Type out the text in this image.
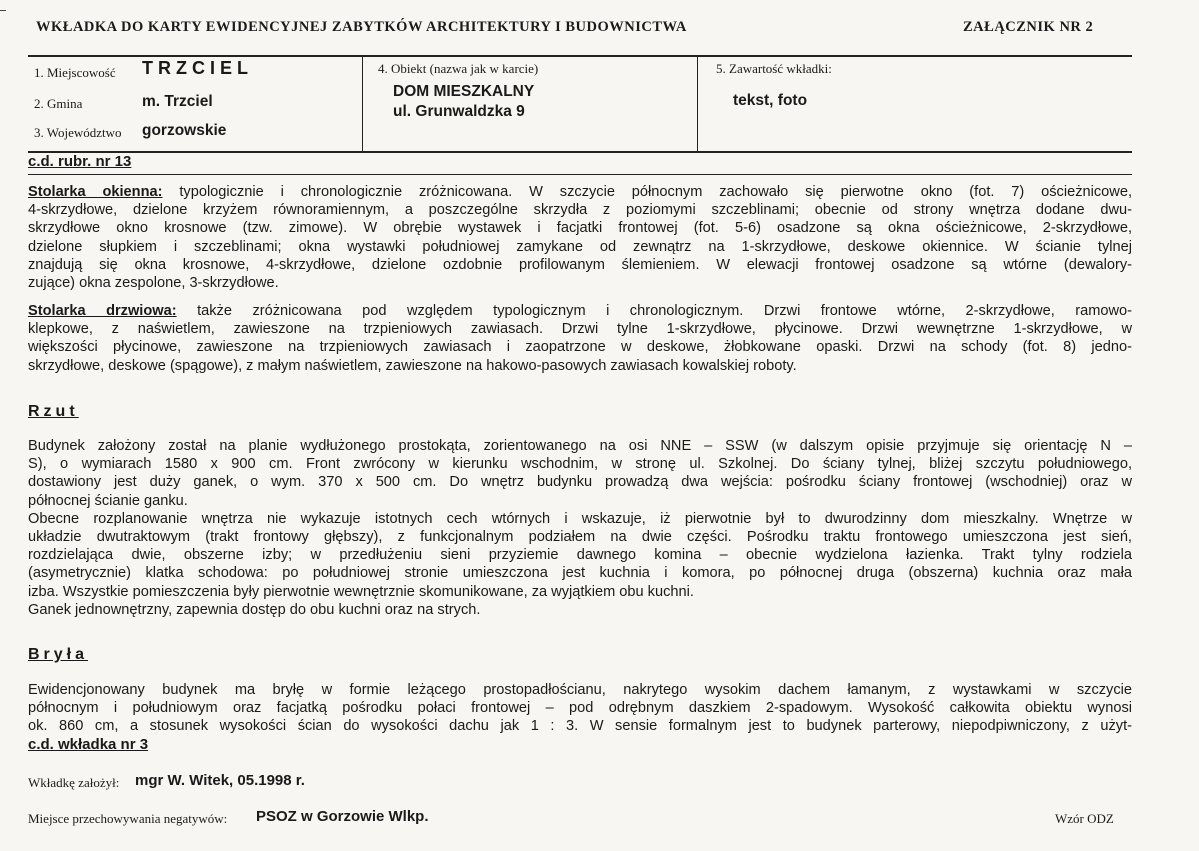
WKŁADKA DO KARTY EWIDENCYJNEJ ZABYTKÓW ARCHITEKTURY I BUDOWNICTWA	ZAŁĄCZNIK NR 2
1. Miejscowość TRZCIEL
2. Gmina	m. Trzciel
3. Województwo gorzowskie
4. Obiekt (nazwa jak w karcie)
DOM MIESZKALNY
ul. Grunwaldzka 9
5. Zawartość wkładki:
tekst, foto
c.d. rubr. nr 13
Stolarka okienna: typologicznie i chronologicznie zróżnicowana. W szczycie północnym zachowało się pierwotne okno (fot. 7) ościeżnicowe,
4-skrzydłowe, dzielone krzyżem równoramiennym, a poszczególne skrzydła z poziomymi szczeblinami; obecnie od strony wnętrza dodane dwu-
skrzydłowe okno krosnowe (tzw. zimowe). W obrębie wystawek i facjatki frontowej (fot. 5-6) osadzone są okna ościeżnicowe, 2-skrzydłowe,
dzielone słupkiem i szczeblinami; okna wystawki południowej zamykane od zewnątrz na 1-skrzydłowe, deskowe okiennice. W ścianie tylnej
znajdują się okna krosnowe, 4-skrzydłowe, dzielone ozdobnie profilowanym ślemieniem. W elewacji frontowej osadzone są wtórne (dewalory-
zujące) okna zespolone, 3-skrzydłowe.
Stolarka drzwiowa: także zróżnicowana pod względem typologicznym i chronologicznym. Drzwi frontowe wtórne, 2-skrzydłowe, ramowo-
klepkowe, z naświetlem, zawieszone na trzpieniowych zawiasach. Drzwi tylne 1-skrzydłowe, płycinowe. Drzwi wewnętrzne 1-skrzydłowe, w
większości płycinowe, zawieszone na trzpieniowych zawiasach i zaopatrzone w deskowe, żłobkowane opaski. Drzwi na schody (fot. 8) jedno-
skrzydłowe, deskowe (spągowe), z małym naświetlem, zawieszone na hakowo-pasowych zawiasach kowalskiej roboty.
Rzut
Budynek założony został na planie wydłużonego prostokąta, zorientowanego na osi NNE – SSW (w dalszym opisie przyjmuje się orientację N –
S), o wymiarach 1580 x 900 cm. Front zwrócony w kierunku wschodnim, w stronę ul. Szkolnej. Do ściany tylnej, bliżej szczytu południowego,
dostawiony jest duży ganek, o wym. 370 x 500 cm. Do wnętrz budynku prowadzą dwa wejścia: pośrodku ściany frontowej (wschodniej) oraz w
północnej ścianie ganku.
Obecne rozplanowanie wnętrza nie wykazuje istotnych cech wtórnych i wskazuje, iż pierwotnie był to dwurodzinny dom mieszkalny. Wnętrze w
układzie dwutraktowym (trakt frontowy głębszy), z funkcjonalnym podziałem na dwie części. Pośrodku traktu frontowego umieszczona jest sień,
rozdzielająca dwie, obszerne izby; w przedłużeniu sieni przyziemie dawnego komina – obecnie wydzielona łazienka. Trakt tylny rodziela
(asymetrycznie) klatka schodowa: po południowej stronie umieszczona jest kuchnia i komora, po północnej druga (obszerna) kuchnia oraz mała
izba. Wszystkie pomieszczenia były pierwotnie wewnętrznie skomunikowane, za wyjątkiem obu kuchni.
Ganek jednownętrzny, zapewnia dostęp do obu kuchni oraz na strych.
Bryła
Ewidencjonowany budynek ma bryłę w formie leżącego prostopadłościanu, nakrytego wysokim dachem łamanym, z wystawkami w szczycie
północnym i południowym oraz facjatką pośrodku połaci frontowej – pod odrębnym daszkiem 2-spadowym. Wysokość całkowita obiektu wynosi
ok. 860 cm, a stosunek wysokości ścian do wysokości dachu jak 1 : 3. W sensie formalnym jest to budynek parterowy, niepodpiwniczony, z użyt-
c.d. wkładka nr 3
Wkładkę założył: mgr W. Witek, 05.1998 r.
Miejsce przechowywania negatywów: PSOZ w Gorzowie Wlkp.	Wzór ODZ
